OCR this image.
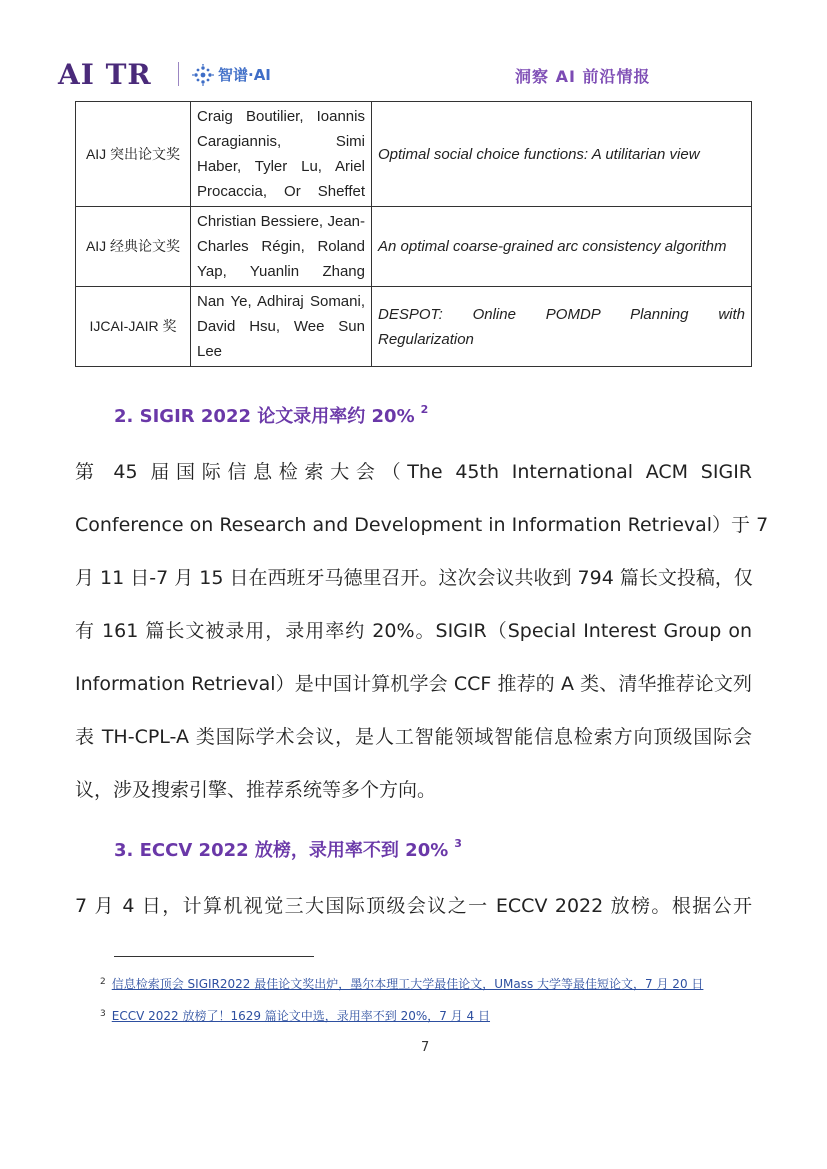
AI TR	智谱·AI	洞察 AI 前沿情报
AIJ 突出论文奖	Craig Boutilier, Ioannis
Caragiannis, Simi
Haber, Tyler Lu, Ariel
Procaccia, Or Sheffet	Optimal social choice functions: A utilitarian view
AIJ 经典论文奖	Christian Bessiere, Jean-
Charles Régin, Roland
Yap, Yuanlin Zhang	An optimal coarse-grained arc consistency algorithm
IJCAI-JAIR 奖	Nan Ye, Adhiraj Somani,
David Hsu, Wee Sun Lee	DESPOT: Online POMDP Planning with
Regularization
2. SIGIR 2022 论文录用率约 20% $^2$
第 45 届国际信息检索大会（The 45th International ACM SIGIR
Conference on Research and Development in Information Retrieval）于 7
月 11 日-7 月 15 日在西班牙马德里召开。这次会议共收到 794 篇长文投稿，仅
有 161 篇长文被录用，录用率约 20%。SIGIR（Special Interest Group on
Information Retrieval）是中国计算机学会 CCF 推荐的 A 类、清华推荐论文列
表 TH-CPL-A 类国际学术会议，是人工智能领域智能信息检索方向顶级国际会
议，涉及搜索引擎、推荐系统等多个方向。
3. ECCV 2022 放榜，录用率不到 20% $^3$
7 月 4 日，计算机视觉三大国际顶级会议之一 ECCV 2022 放榜。根据公开
$^2$ 信息检索顶会 SIGIR2022 最佳论文奖出炉，墨尔本理工大学最佳论文，UMass 大学等最佳短论文，7 月 20 日
$^3$ ECCV 2022 放榜了！1629 篇论文中选，录用率不到 20%，7 月 4 日
7
